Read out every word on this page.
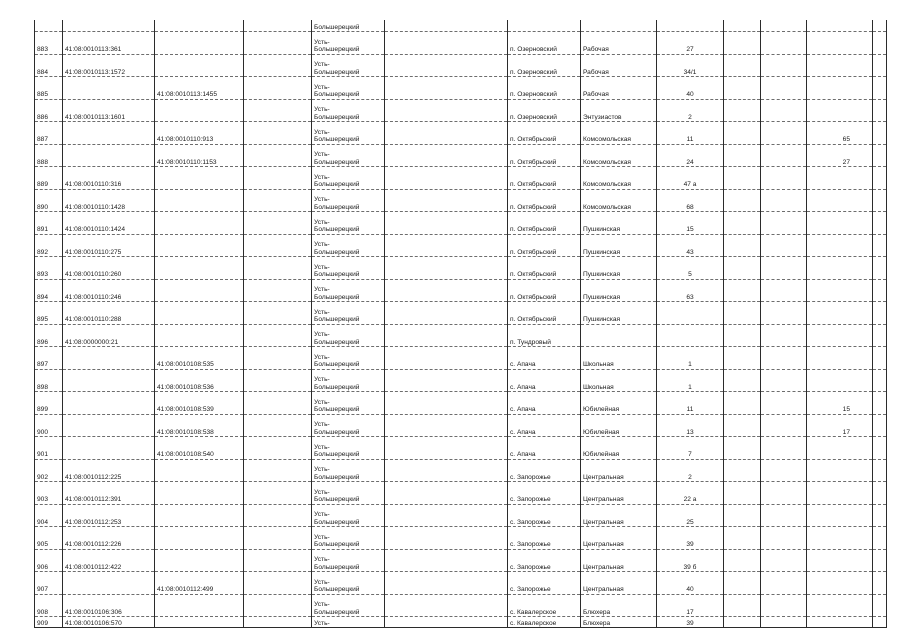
				Большерецкий								
883	41:08:0010113:361			Усть-
Большерецкий		п. Озерновский	Рабочая	27				
884	41:08:0010113:1572			Усть-
Большерецкий		п. Озерновский	Рабочая	34/1				
885		41:08:0010113:1455		Усть-
Большерецкий		п. Озерновский	Рабочая	40				
886	41:08:0010113:1601			Усть-
Большерецкий		п. Озерновский	Энтузиастов	2				
887		41:08:0010110:913		Усть-
Большерецкий		п. Октябрьский	Комсомольская	11			65	
888		41:08:0010110:1153		Усть-
Большерецкий		п. Октябрьский	Комсомольская	24			27	
889	41:08:0010110:316			Усть-
Большерецкий		п. Октябрьский	Комсомольская	47 а				
890	41:08:0010110:1428			Усть-
Большерецкий		п. Октябрьский	Комсомольская	68				
891	41:08:0010110:1424			Усть-
Большерецкий		п. Октябрьский	Пушкинская	15				
892	41:08:0010110:275			Усть-
Большерецкий		п. Октябрьский	Пушкинская	43				
893	41:08:0010110:260			Усть-
Большерецкий		п. Октябрьский	Пушкинская	5				
894	41:08:0010110:246			Усть-
Большерецкий		п. Октябрьский	Пушкинская	63				
895	41:08:0010110:288			Усть-
Большерецкий		п. Октябрьский	Пушкинская					
896	41:08:0000000:21			Усть-
Большерецкий		п. Тундровый						
897		41:08:0010108:535		Усть-
Большерецкий		с. Апача	Школьная	1				
898		41:08:0010108:536		Усть-
Большерецкий		с. Апача	Школьная	1				
899		41:08:0010108:539		Усть-
Большерецкий		с. Апача	Юбилейная	11			15	
900		41:08:0010108:538		Усть-
Большерецкий		с. Апача	Юбилейная	13			17	
901		41:08:0010108:540		Усть-
Большерецкий		с. Апача	Юбилейная	7				
902	41:08:0010112:225			Усть-
Большерецкий		с. Запорожье	Центральная	2				
903	41:08:0010112:391			Усть-
Большерецкий		с. Запорожье	Центральная	22 а				
904	41:08:0010112:253			Усть-
Большерецкий		с. Запорожье	Центральная	25				
905	41:08:0010112:226			Усть-
Большерецкий		с. Запорожье	Центральная	39				
906	41:08:0010112:422			Усть-
Большерецкий		с. Запорожье	Центральная	39 б				
907		41:08:0010112:499		Усть-
Большерецкий		с. Запорожье	Центральная	40				
908	41:08:0010106:306			Усть-
Большерецкий		с. Кавалерское	Блюхера	17				
909	41:08:0010106:570			Усть-		с. Кавалерское	Блюхера	39				
